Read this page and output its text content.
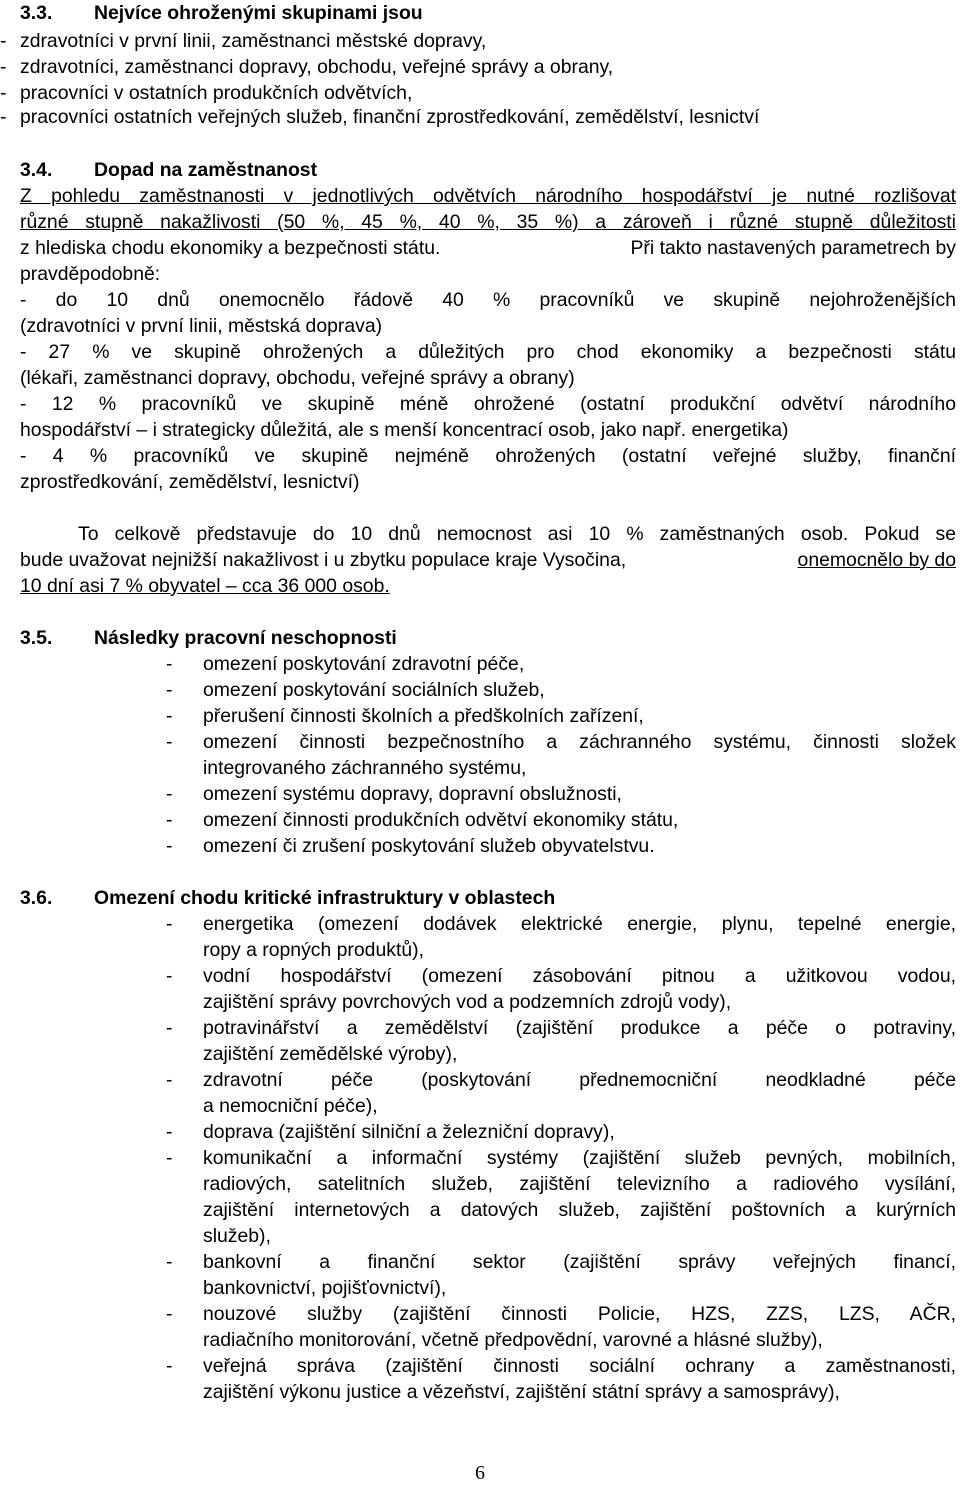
3.3. Nejvíce ohroženými skupinami jsou
- zdravotníci v první linii, zaměstnanci městské dopravy,
- zdravotníci, zaměstnanci dopravy, obchodu, veřejné správy a obrany,
- pracovníci v ostatních produkčních odvětvích,
- pracovníci ostatních veřejných služeb, finanční zprostředkování, zemědělství, lesnictví
3.4. Dopad na zaměstnanost
Z pohledu zaměstnanosti v jednotlivých odvětvích národního hospodářství je nutné rozlišovat
různé stupně nakažlivosti (50 %, 45 %, 40 %, 35 %) a zároveň i různé stupně důležitosti
z hlediska chodu ekonomiky a bezpečnosti státu.	Při takto nastavených parametrech by
pravděpodobně:
- do 10 dnů onemocnělo řádově 40 % pracovníků ve skupině nejohroženějších
(zdravotníci v první linii, městská doprava)
- 27 % ve skupině ohrožených a důležitých pro chod ekonomiky a bezpečnosti státu
(lékaři, zaměstnanci dopravy, obchodu, veřejné správy a obrany)
- 12 % pracovníků ve skupině méně ohrožené (ostatní produkční odvětví národního
hospodářství – i strategicky důležitá, ale s menší koncentrací osob, jako např. energetika)
- 4 % pracovníků ve skupině nejméně ohrožených (ostatní veřejné služby, finanční
zprostředkování, zemědělství, lesnictví)
To celkově představuje do 10 dnů nemocnost asi 10 % zaměstnaných osob. Pokud se
bude uvažovat nejnižší nakažlivost i u zbytku populace kraje Vysočina,	onemocnělo by do
10 dní asi 7 % obyvatel – cca 36 000 osob.
3.5. Následky pracovní neschopnosti
- omezení poskytování zdravotní péče,
- omezení poskytování sociálních služeb,
- přerušení činnosti školních a předškolních zařízení,
- omezení činnosti bezpečnostního a záchranného systému, činnosti složek
integrovaného záchranného systému,
- omezení systému dopravy, dopravní obslužnosti,
- omezení činnosti produkčních odvětví ekonomiky státu,
- omezení či zrušení poskytování služeb obyvatelstvu.
3.6. Omezení chodu kritické infrastruktury v oblastech
- energetika (omezení dodávek elektrické energie, plynu, tepelné energie,
ropy a ropných produktů),
- vodní hospodářství (omezení zásobování pitnou a užitkovou vodou,
zajištění správy povrchových vod a podzemních zdrojů vody),
- potravinářství a zemědělství (zajištění produkce a péče o potraviny,
zajištění zemědělské výroby),
- zdravotní péče (poskytování přednemocniční neodkladné péče
a nemocniční péče),
- doprava (zajištění silniční a železniční dopravy),
- komunikační a informační systémy (zajištění služeb pevných, mobilních,
radiových, satelitních služeb, zajištění televizního a radiového vysílání,
zajištění internetových a datových služeb, zajištění poštovních a kurýrních
služeb),
- bankovní a finanční sektor (zajištění správy veřejných financí,
bankovnictví, pojišťovnictví),
- nouzové služby (zajištění činnosti Policie, HZS, ZZS, LZS, AČR,
radiačního monitorování, včetně předpovědní, varovné a hlásné služby),
- veřejná správa (zajištění činnosti sociální ochrany a zaměstnanosti,
zajištění výkonu justice a vězeňství, zajištění státní správy a samosprávy),
6
